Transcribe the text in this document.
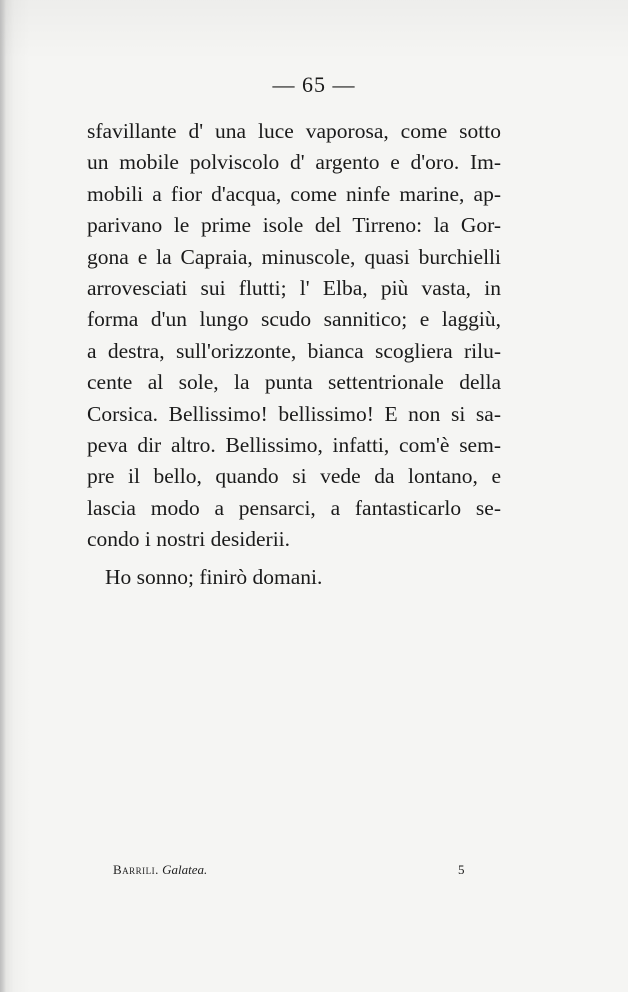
— 65 —
sfavillante d' una luce vaporosa, come sotto
un mobile polviscolo d' argento e d'oro. Im-
mobili a fior d'acqua, come ninfe marine, ap-
parivano le prime isole del Tirreno: la Gor-
gona e la Capraia, minuscole, quasi burchielli
arrovesciati sui flutti; l' Elba, più vasta, in
forma d'un lungo scudo sannitico; e laggiù,
a destra, sull'orizzonte, bianca scogliera rilu-
cente al sole, la punta settentrionale della
Corsica. Bellissimo! bellissimo! E non si sa-
peva dir altro. Bellissimo, infatti, com'è sem-
pre il bello, quando si vede da lontano, e
lascia modo a pensarci, a fantasticarlo se-
condo i nostri desiderii.
Ho sonno; finirò domani.
Barrili. Galatea.	5
